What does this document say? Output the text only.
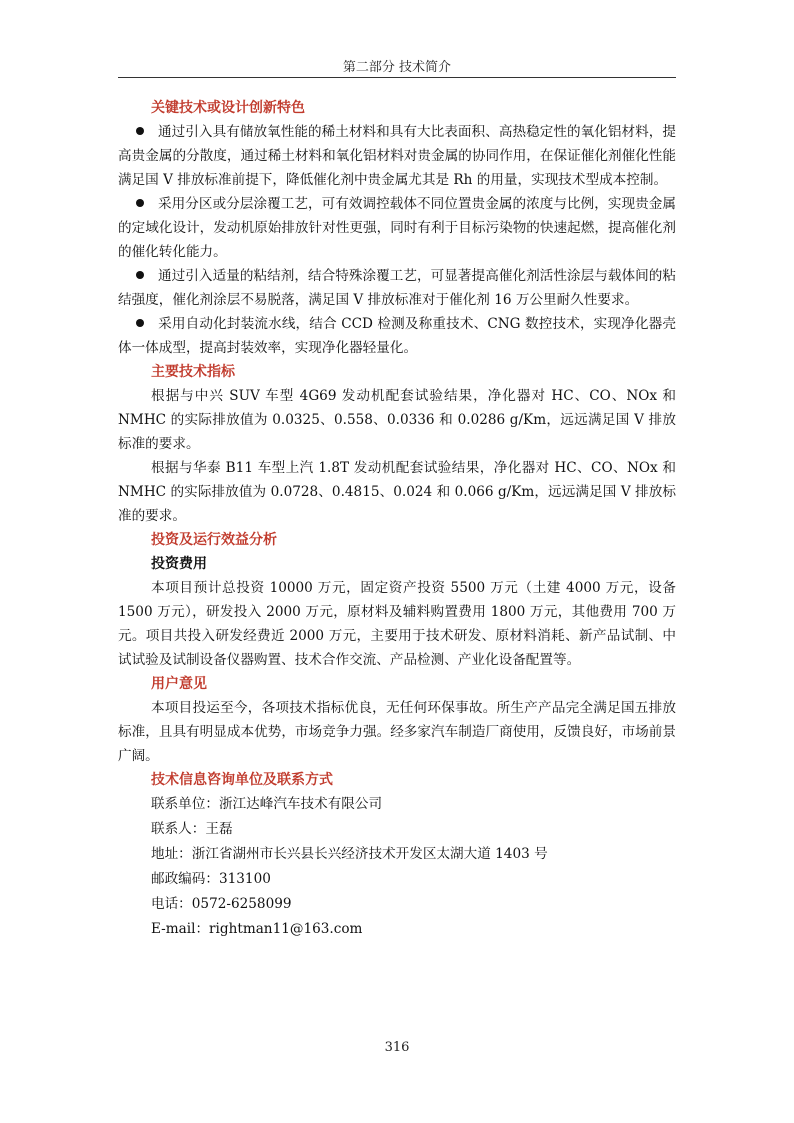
第二部分 技术简介
关键技术或设计创新特色

通过引入具有储放氧性能的稀土材料和具有大比表面积、高热稳定性的氧化铝材料，提高贵金属的分散度，通过稀土材料和氧化铝材料对贵金属的协同作用，在保证催化剂催化性能满足国 V 排放标准前提下，降低催化剂中贵金属尤其是 Rh 的用量，实现技术型成本控制。

采用分区或分层涂覆工艺，可有效调控载体不同位置贵金属的浓度与比例，实现贵金属的定域化设计，发动机原始排放针对性更强，同时有利于目标污染物的快速起燃，提高催化剂的催化转化能力。

通过引入适量的粘结剂，结合特殊涂覆工艺，可显著提高催化剂活性涂层与载体间的粘结强度，催化剂涂层不易脱落，满足国 V 排放标准对于催化剂 16 万公里耐久性要求。

采用自动化封装流水线，结合 CCD 检测及称重技术、CNG 数控技术，实现净化器壳体一体成型，提高封装效率，实现净化器轻量化。

主要技术指标

根据与中兴 SUV 车型 4G69 发动机配套试验结果，净化器对 HC、CO、NOx 和 NMHC 的实际排放值为 0.0325、0.558、0.0336 和 0.0286 g/Km，远远满足国 V 排放标准的要求。

根据与华泰 B11 车型上汽 1.8T 发动机配套试验结果，净化器对 HC、CO、NOx 和 NMHC 的实际排放值为 0.0728、0.4815、0.024 和 0.066 g/Km，远远满足国 V 排放标准的要求。

投资及运行效益分析
投资费用

本项目预计总投资 10000 万元，固定资产投资 5500 万元（土建 4000 万元，设备 1500 万元），研发投入 2000 万元，原材料及辅料购置费用 1800 万元，其他费用 700 万元。项目共投入研发经费近 2000 万元，主要用于技术研发、原材料消耗、新产品试制、中试试验及试制设备仪器购置、技术合作交流、产品检测、产业化设备配置等。

用户意见

本项目投运至今，各项技术指标优良，无任何环保事故。所生产产品完全满足国五排放标准，且具有明显成本优势，市场竞争力强。经多家汽车制造厂商使用，反馈良好，市场前景广阔。

技术信息咨询单位及联系方式
联系单位：浙江达峰汽车技术有限公司
联系人：王磊
地址：浙江省湖州市长兴县长兴经济技术开发区太湖大道 1403 号
邮政编码：313100
电话：0572-6258099
E-mail：rightman11@163.com
316
